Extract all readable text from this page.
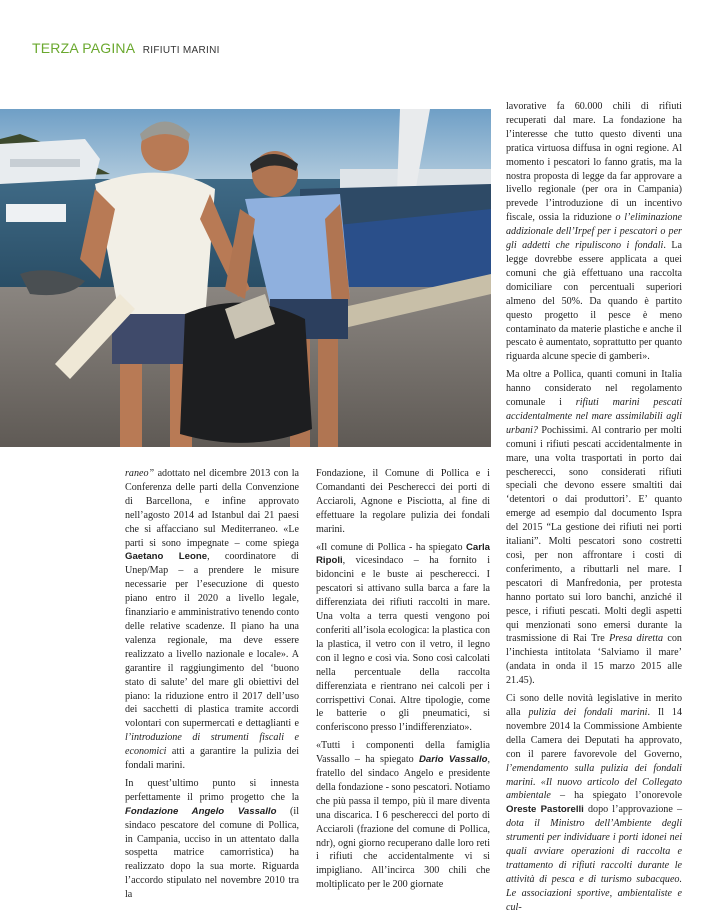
TERZA PAGINA RIFIUTI MARINI

raneo” adottato nel dicembre 2013 con la Conferenza delle parti della Convenzione di Barcellona, e infine approvato nell’agosto 2014 ad Istanbul dai 21 paesi che si affacciano sul Mediterraneo. «Le parti si sono impegnate – come spiega Gaetano Leone, coordinatore di Unep/Map – a prendere le misure necessarie per l’esecuzione di questo piano entro il 2020 a livello legale, finanziario e amministrativo tenendo conto delle relative scadenze. Il piano ha una valenza regionale, ma deve essere realizzato a livello nazionale e locale». A garantire il raggiungimento del ‘buono stato di salute’ del mare gli obiettivi del piano: la riduzione entro il 2017 dell’uso dei sacchetti di plastica tramite accordi volontari con supermercati e dettaglianti e l’introduzione di strumenti fiscali e economici atti a garantire la pulizia dei fondali marini.

In quest’ultimo punto si innesta perfettamente il primo progetto che la Fondazione Angelo Vassallo (il sindaco pescatore del comune di Pollica, in Campania, ucciso in un attentato dalla sospetta matrice camorristica) ha realizzato dopo la sua morte. Riguarda l’accordo stipulato nel novembre 2010 tra la

Fondazione, il Comune di Pollica e i Comandanti dei Pescherecci dei porti di Acciaroli, Agnone e Pisciotta, al fine di effettuare la regolare pulizia dei fondali marini.

«Il comune di Pollica - ha spiegato Carla Ripoli, vicesindaco – ha fornito i bidoncini e le buste ai pescherecci. I pescatori si attivano sulla barca a fare la differenziata dei rifiuti raccolti in mare. Una volta a terra questi vengono poi conferiti all’isola ecologica: la plastica con la plastica, il vetro con il vetro, il legno con il legno e così via. Sono così calcolati nella percentuale della raccolta differenziata e rientrano nei calcoli per i corrispettivi Conai. Altre tipologie, come le batterie o gli pneumatici, si conferiscono presso l’indifferenziato».

«Tutti i componenti della famiglia Vassallo – ha spiegato Dario Vassallo, fratello del sindaco Angelo e presidente della fondazione - sono pescatori. Notiamo che più passa il tempo, più il mare diventa una discarica. I 6 pescherecci del porto di Acciaroli (frazione del comune di Pollica, ndr), ogni giorno recuperano dalle loro reti i rifiuti che accidentalmente vi si impigliano. All’incirca 300 chili che moltiplicato per le 200 giornate

lavorative fa 60.000 chili di rifiuti recuperati dal mare. La fondazione ha l’interesse che tutto questo diventi una pratica virtuosa diffusa in ogni regione. Al momento i pescatori lo fanno gratis, ma la nostra proposta di legge da far approvare a livello regionale (per ora in Campania) prevede l’introduzione di un incentivo fiscale, ossia la riduzione o l’eliminazione addizionale dell’Irpef per i pescatori o per gli addetti che ripuliscono i fondali. La legge dovrebbe essere applicata a quei comuni che già effettuano una raccolta domiciliare con percentuali superiori almeno del 50%. Da quando è partito questo progetto il pesce è meno contaminato da materie plastiche e anche il pescato è aumentato, soprattutto per quanto riguarda alcune specie di gamberi».

Ma oltre a Pollica, quanti comuni in Italia hanno considerato nel regolamento comunale i rifiuti marini pescati accidentalmente nel mare assimilabili agli urbani? Pochissimi. Al contrario per molti comuni i rifiuti pescati accidentalmente in mare, una volta trasportati in porto dai pescherecci, sono considerati rifiuti speciali che devono essere smaltiti dai ‘detentori o dai produttori’. E’ quanto emerge ad esempio dal documento Ispra del 2015 “La gestione dei rifiuti nei porti italiani”. Molti pescatori sono costretti così, per non affrontare i costi di conferimento, a ributtarli nel mare. I pescatori di Manfredonia, per protesta hanno portato sui loro banchi, anziché il pesce, i rifiuti pescati. Molti degli aspetti qui menzionati sono emersi durante la trasmissione di Rai Tre Presa diretta con l’inchiesta intitolata ‘Salviamo il mare’ (andata in onda il 15 marzo 2015 alle 21.45).

Ci sono delle novità legislative in merito alla pulizia dei fondali marini. Il 14 novembre 2014 la Commissione Ambiente della Camera dei Deputati ha approvato, con il parere favorevole del Governo, l’emendamento sulla pulizia dei fondali marini. «Il nuovo articolo del Collegato ambientale – ha spiegato l’onorevole Oreste Pastorelli dopo l’approvazione – dota il Ministro dell’Ambiente degli strumenti per individuare i porti idonei nei quali avviare operazioni di raccolta e trattamento di rifiuti raccolti durante le attività di pesca e di turismo subacqueo. Le associazioni sportive, ambientaliste e cul-
